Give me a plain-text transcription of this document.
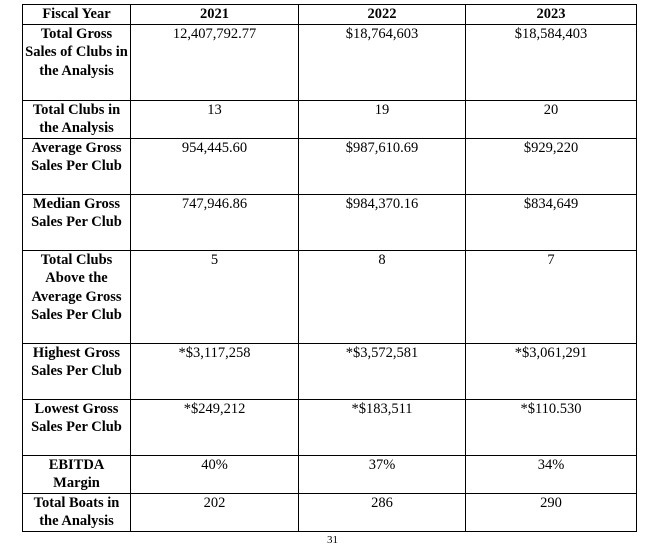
Fiscal Year	2021	2022	2023
Total Gross Sales of Clubs in the Analysis	12,407,792.77	$18,764,603	$18,584,403
Total Clubs in the Analysis	13	19	20
Average Gross Sales Per Club	954,445.60	$987,610.69	$929,220
Median Gross Sales Per Club	747,946.86	$984,370.16	$834,649
Total Clubs Above the Average Gross Sales Per Club	5	8	7
Highest Gross Sales Per Club	*$3,117,258	*$3,572,581	*$3,061,291
Lowest Gross Sales Per Club	*$249,212	*$183,511	*$110.530
EBITDA Margin	40%	37%	34%
Total Boats in the Analysis	202	286	290
31
